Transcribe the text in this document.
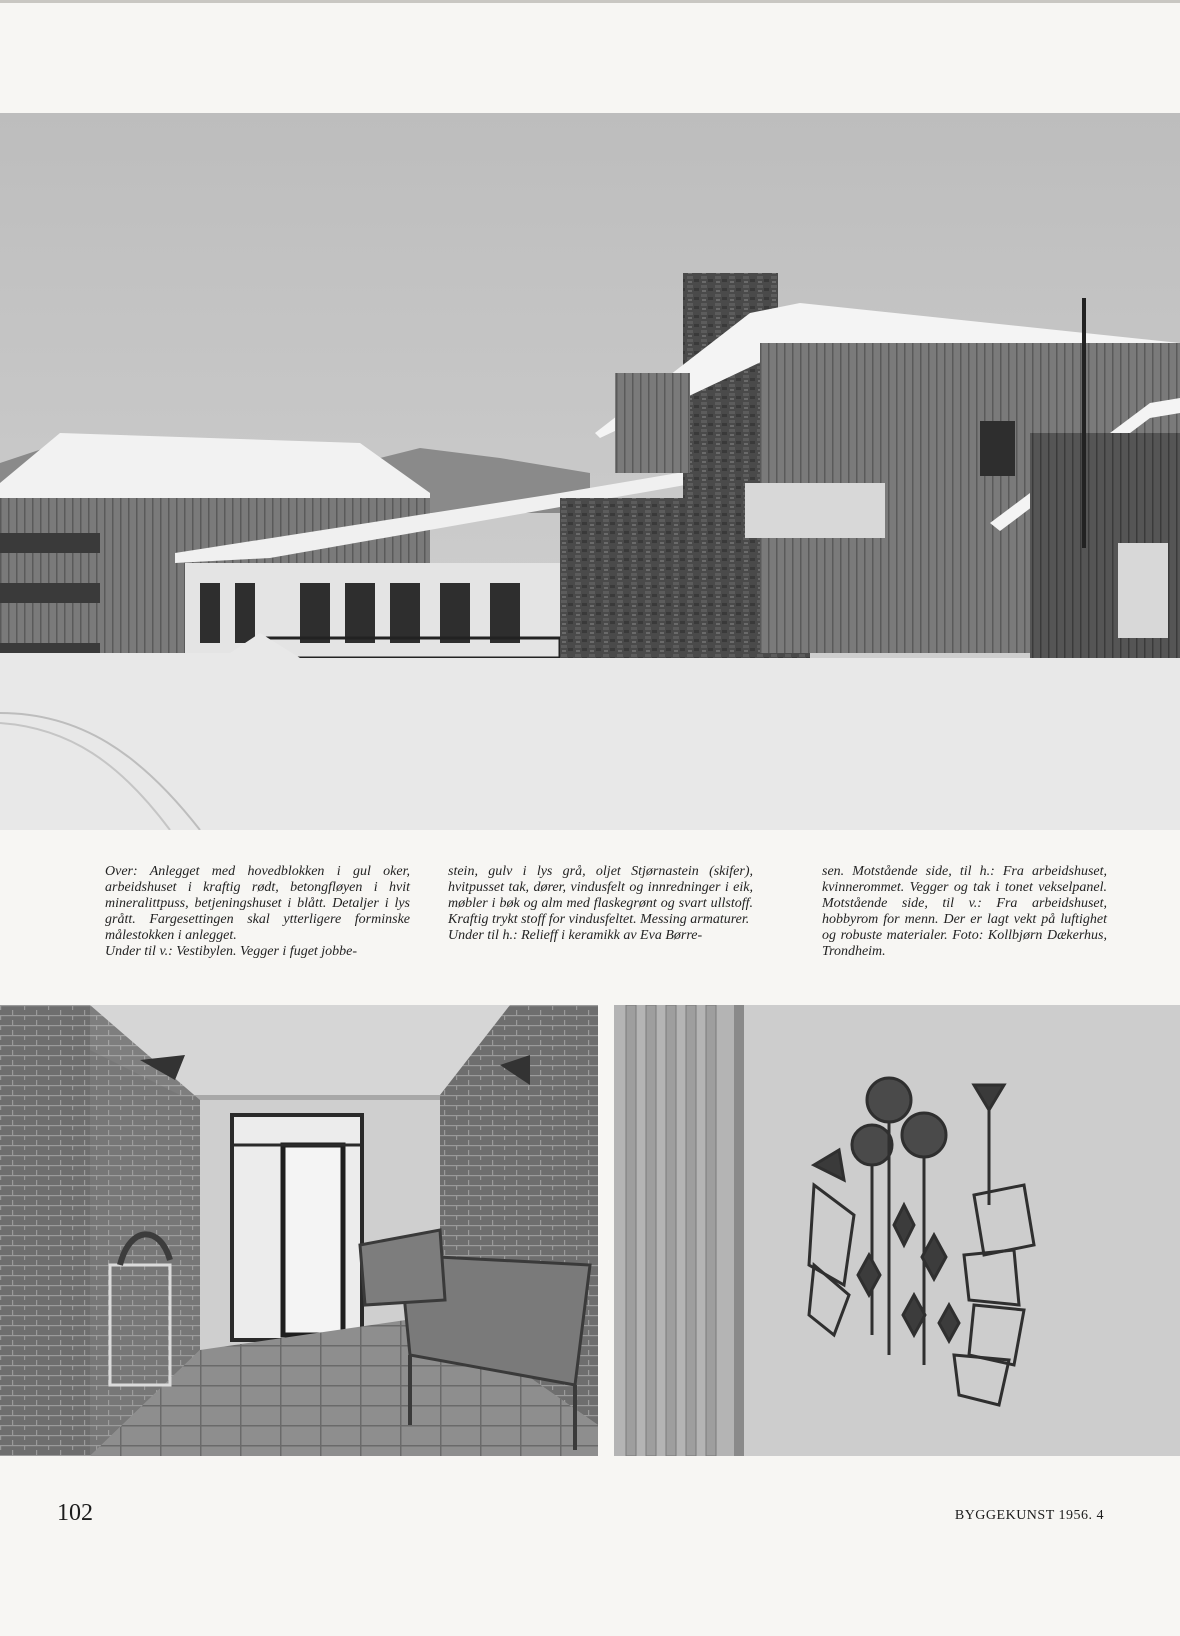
Over: Anlegget med hovedblokken i gul oker, arbeidshuset i kraftig rødt, betongfløyen i hvit mineralittpuss, betjeningshuset i blått. Detaljer i lys grått. Fargesettingen skal ytterligere forminske målestokken i anlegget.

Under til v.: Vestibylen. Vegger i fuget jobbe-

stein, gulv i lys grå, oljet Stjørnastein (skifer), hvitpusset tak, dører, vindusfelt og innredninger i eik, møbler i bøk og alm med flaskegrønt og svart ullstoff. Kraftig trykt stoff for vindusfeltet. Messing armaturer.

Under til h.: Relieff i keramikk av Eva Børre-

sen. Motstående side, til h.: Fra arbeidshuset, kvinnerommet. Vegger og tak i tonet vekselpanel. Motstående side, til v.: Fra arbeidshuset, hobbyrom for menn. Der er lagt vekt på luftighet og robuste materialer. Foto: Kollbjørn Dækerhus, Trondheim.

102	BYGGEKUNST 1956. 4
